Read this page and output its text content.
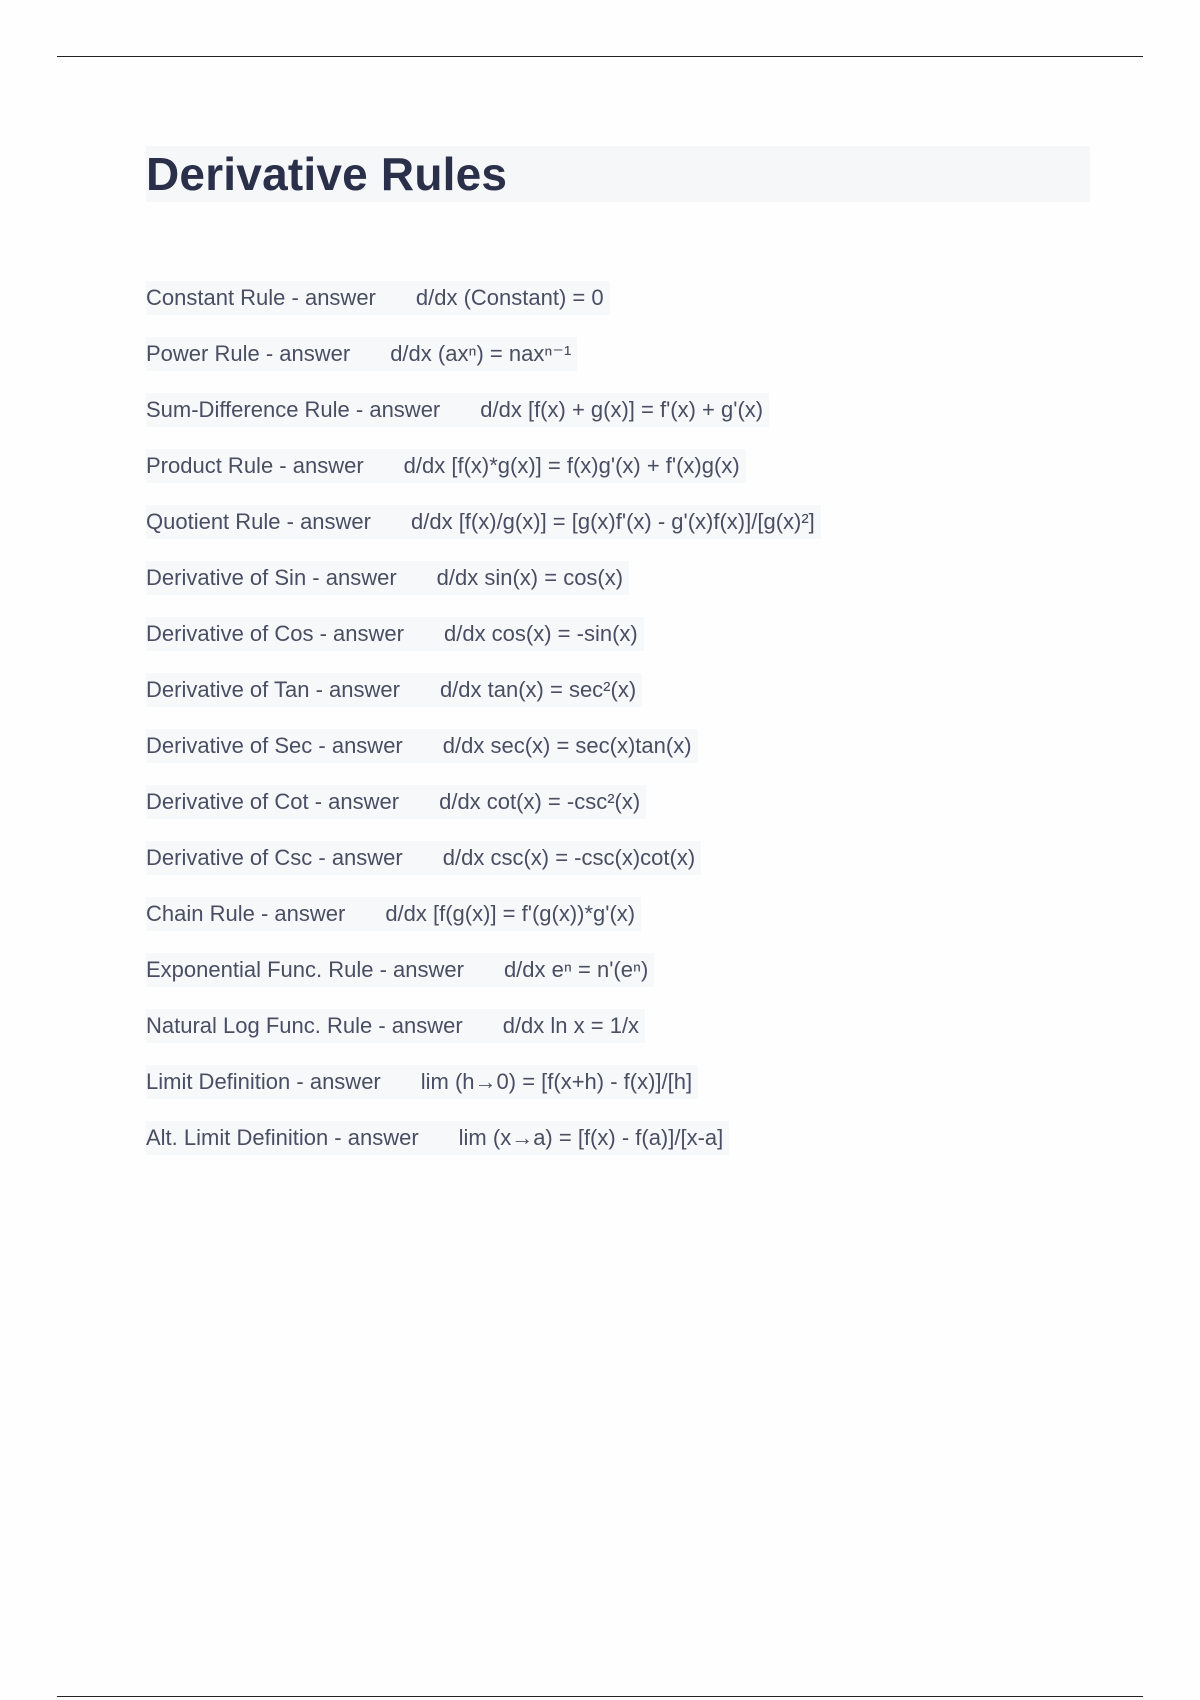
Derivative Rules
Constant Rule - answer d/dx (Constant) = 0
Power Rule - answer d/dx (axⁿ) = naxⁿ⁻¹
Sum-Difference Rule - answer d/dx [f(x) + g(x)] = f'(x) + g'(x)
Product Rule - answer d/dx [f(x)*g(x)] = f(x)g'(x) + f'(x)g(x)
Quotient Rule - answer d/dx [f(x)/g(x)] = [g(x)f'(x) - g'(x)f(x)]/[g(x)²]
Derivative of Sin - answer d/dx sin(x) = cos(x)
Derivative of Cos - answer d/dx cos(x) = -sin(x)
Derivative of Tan - answer d/dx tan(x) = sec²(x)
Derivative of Sec - answer d/dx sec(x) = sec(x)tan(x)
Derivative of Cot - answer d/dx cot(x) = -csc²(x)
Derivative of Csc - answer d/dx csc(x) = -csc(x)cot(x)
Chain Rule - answer d/dx [f(g(x)] = f'(g(x))*g'(x)
Exponential Func. Rule - answer d/dx eⁿ = n'(eⁿ)
Natural Log Func. Rule - answer d/dx ln x = 1/x
Limit Definition - answer lim (h→0) = [f(x+h) - f(x)]/[h]
Alt. Limit Definition - answer lim (x→a) = [f(x) - f(a)]/[x-a]
